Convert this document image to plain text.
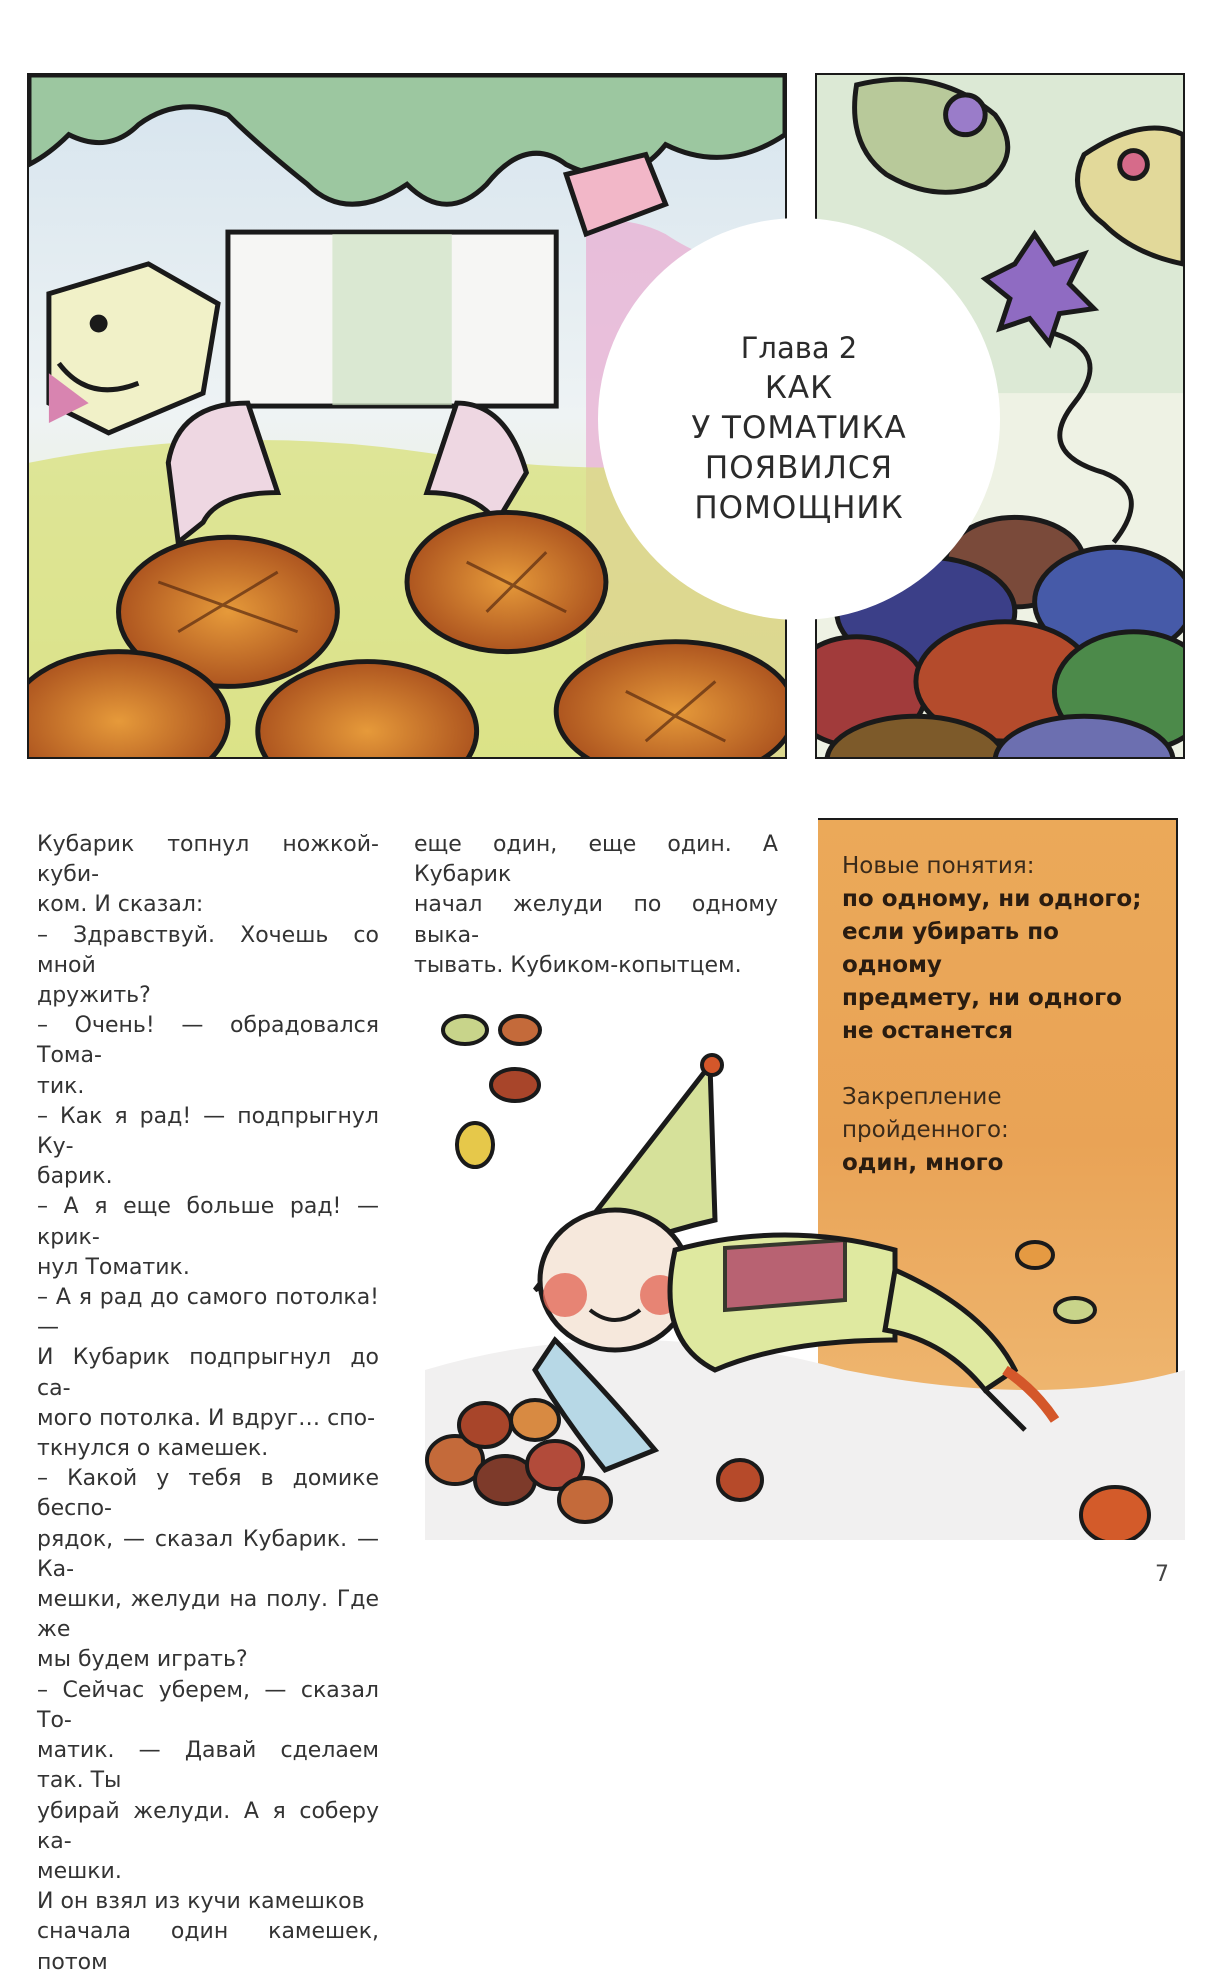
Глава 2
КАК
У ТОМАТИКА
ПОЯВИЛСЯ
ПОМОЩНИК

Кубарик топнул ножкой-куби-

ком. И сказал:

– Здравствуй. Хочешь со мной

дружить?

– Очень! — обрадовался Тома-

тик.

– Как я рад! — подпрыгнул Ку-

барик.

– А я еще больше рад! — крик-

нул Томатик.

– А я рад до самого потолка! —

И Кубарик подпрыгнул до са-

мого потолка. И вдруг… спо-

ткнулся о камешек.

– Какой у тебя в домике беспо-

рядок, — сказал Кубарик. — Ка-

мешки, желуди на полу. Где же

мы будем играть?

– Сейчас уберем, — сказал То-

матик. — Давай сделаем так. Ты

убирай желуди. А я соберу ка-

мешки.

И он взял из кучи камешков

сначала один камешек, потом

еще один, еще один. А Кубарик

начал желуди по одному выка-

тывать. Кубиком-копытцем.

Новые понятия:

по одному, ни одного;

если убирать по одному

предмету, ни одного

не останется

Закрепление

пройденного:

один, много

7
